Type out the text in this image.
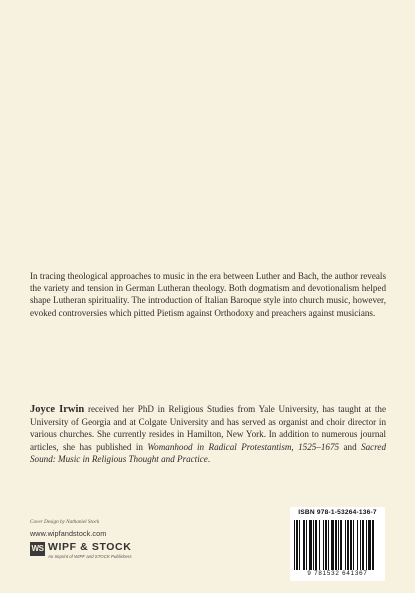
In tracing theological approaches to music in the era between Luther and Bach, the author reveals the variety and tension in German Lutheran theology. Both dogmatism and devotionalism helped shape Lutheran spirituality. The introduction of Italian Baroque style into church music, however, evoked controversies which pitted Pietism against Orthodoxy and preachers against musicians.

Joyce Irwin received her PhD in Religious Studies from Yale University, has taught at the University of Georgia and at Colgate University and has served as organist and choir director in various churches. She currently resides in Hamilton, New York. In addition to numerous journal articles, she has published in Womanhood in Radical Protestantism, 1525–1675 and Sacred Sound: Music in Religious Thought and Practice.

Cover Design by Nathaniel Stock
www.wipfandstock.com
WS WIPF & STOCK
An Imprint of WIPF and STOCK Publishers
ISBN 978-1-53264-136-7
9 781532 641367
